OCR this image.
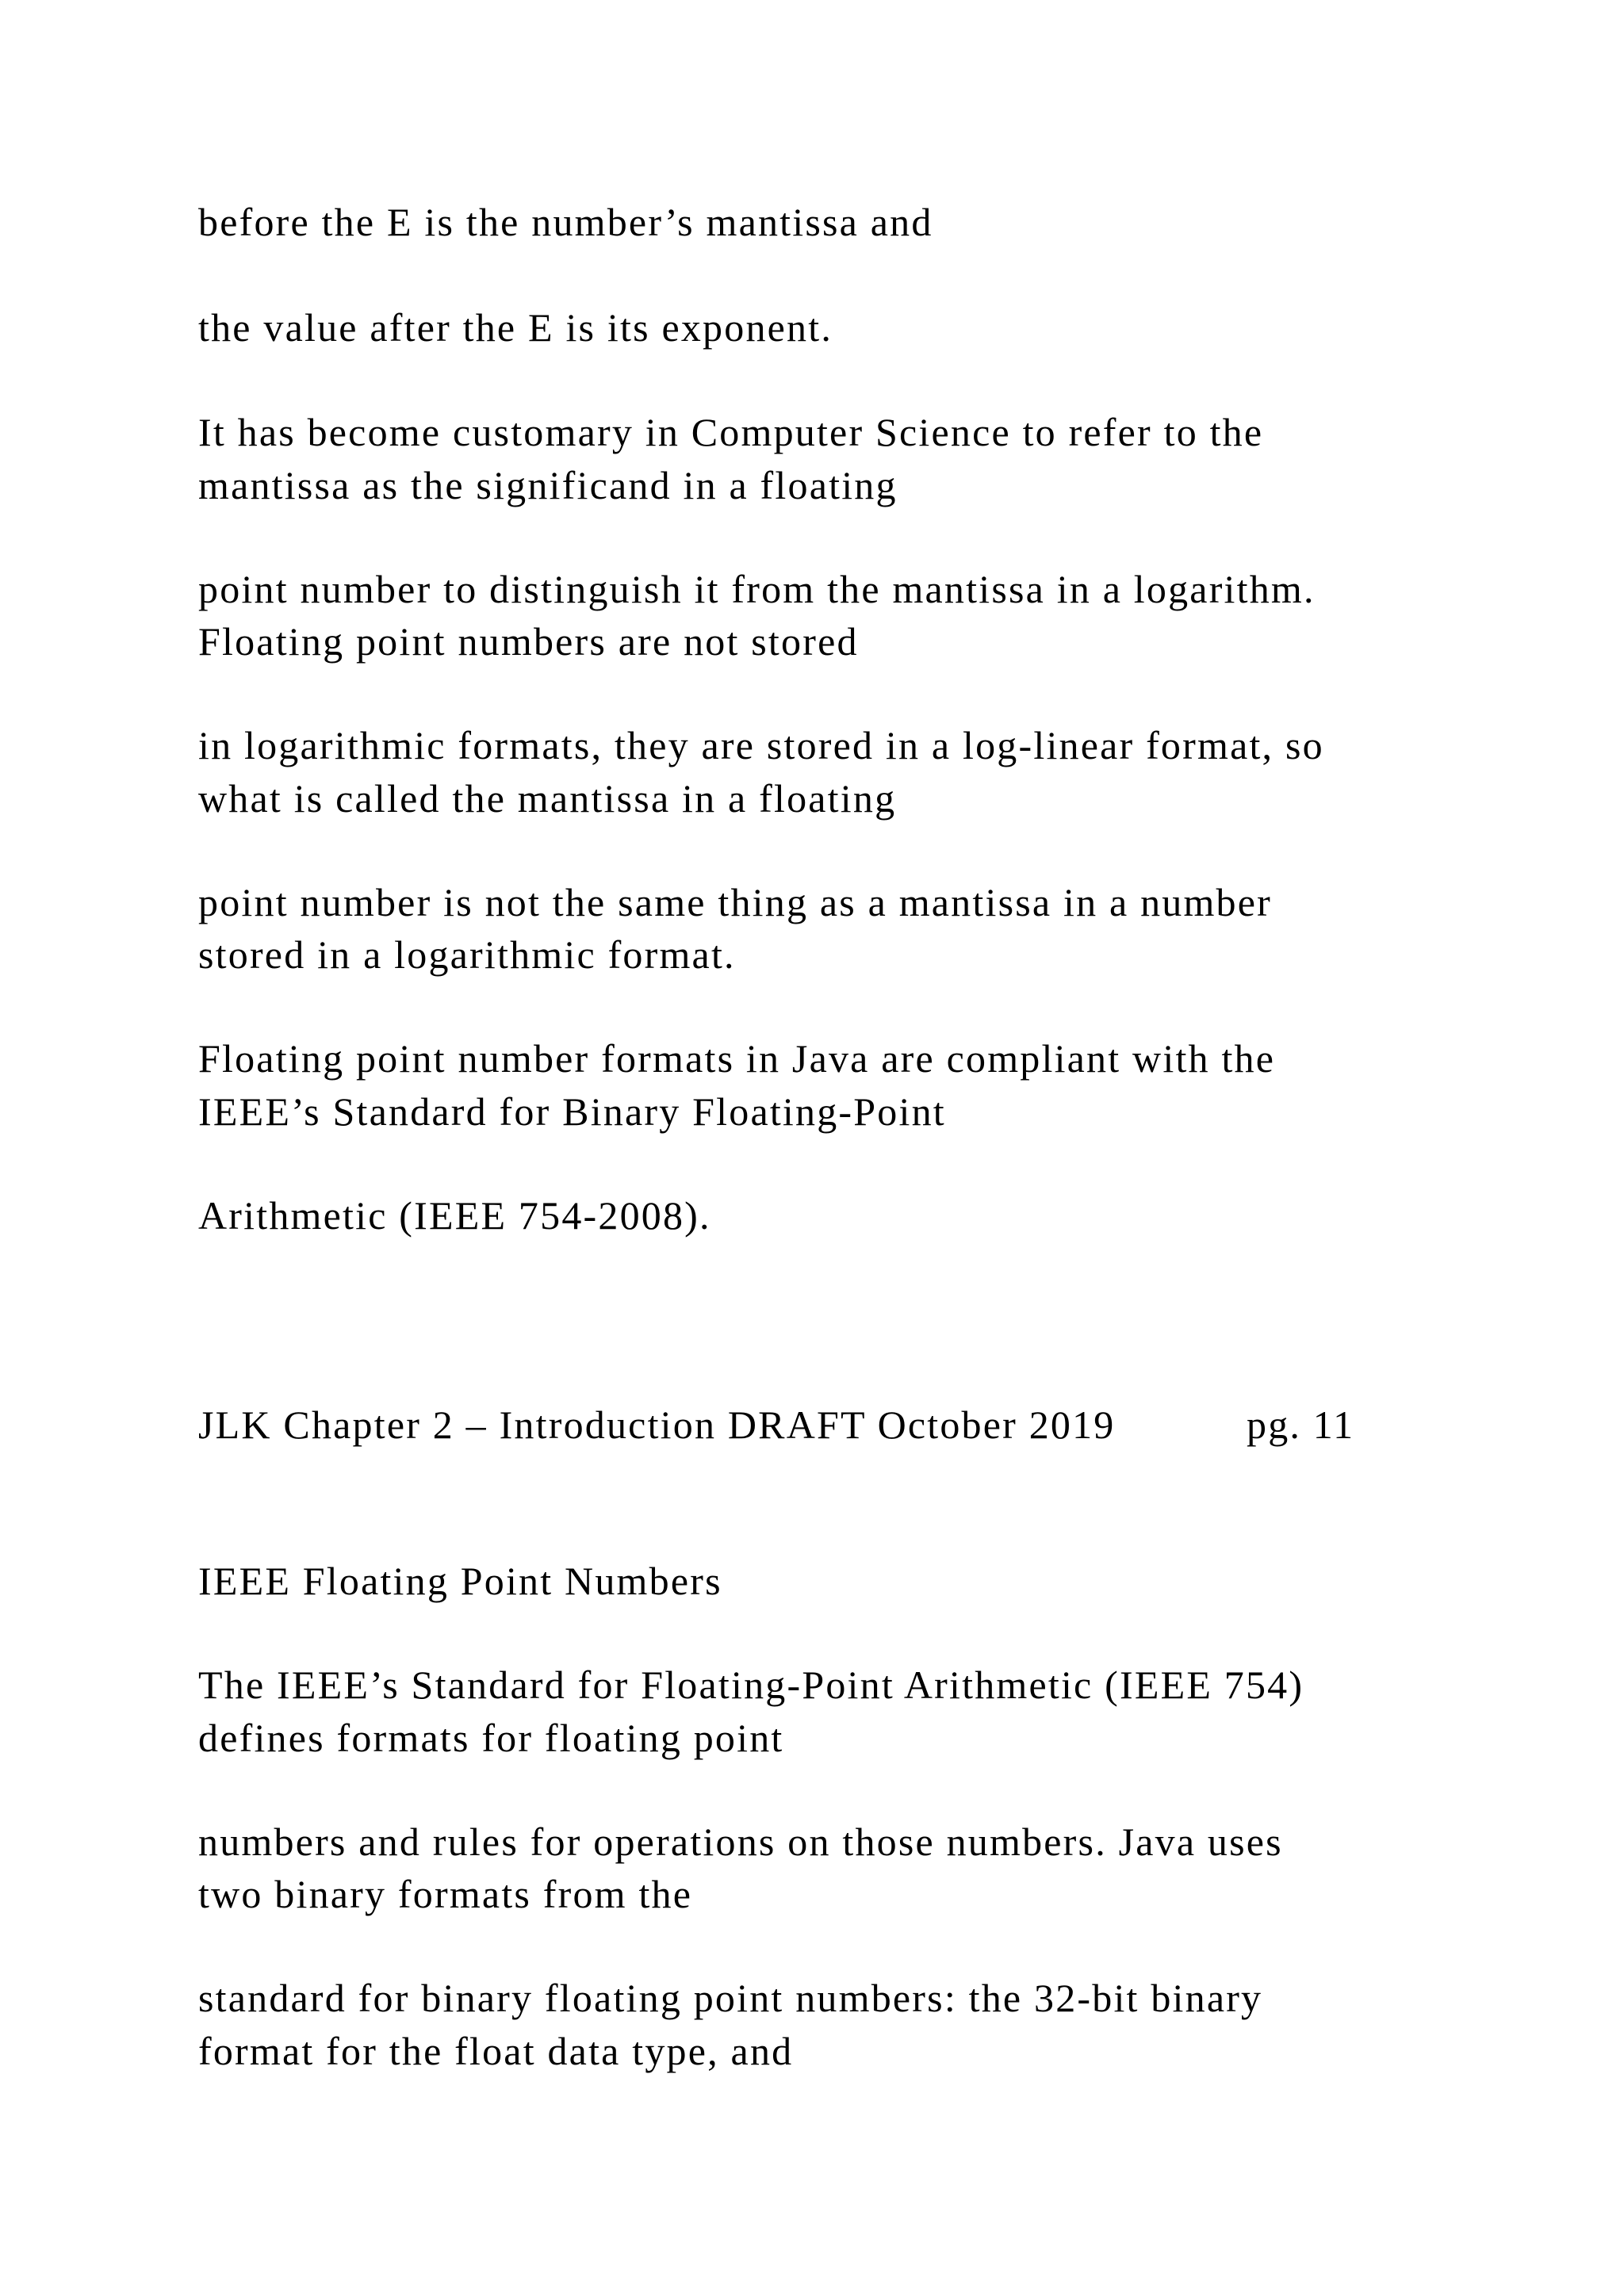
before the E is the number’s mantissa and
the value after the E is its exponent.
It has become customary in Computer Science to refer to the
mantissa as the significand in a floating
point number to distinguish it from the mantissa in a logarithm.
Floating point numbers are not stored
in logarithmic formats, they are stored in a log-linear format, so
what is called the mantissa in a floating
point number is not the same thing as a mantissa in a number
stored in a logarithmic format.
Floating point number formats in Java are compliant with the
IEEE’s Standard for Binary Floating-Point
Arithmetic (IEEE 754-2008).
JLK Chapter 2 – Introduction DRAFT October 2019	pg. 11
IEEE Floating Point Numbers
The IEEE’s Standard for Floating-Point Arithmetic (IEEE 754)
defines formats for floating point
numbers and rules for operations on those numbers. Java uses
two binary formats from the
standard for binary floating point numbers: the 32-bit binary
format for the float data type, and
